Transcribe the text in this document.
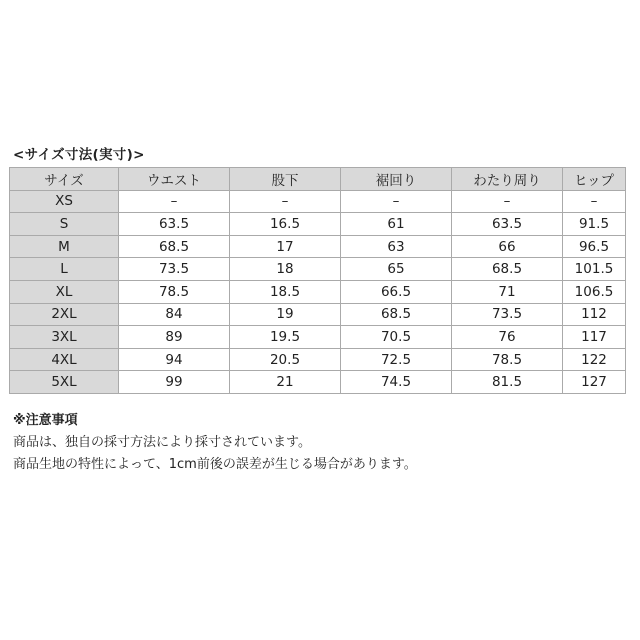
<サイズ寸法(実寸)>
サイズ	ウエスト	股下	裾回り	わたり周り	ヒップ
XS	–	–	–	–	–
S	63.5	16.5	61	63.5	91.5
M	68.5	17	63	66	96.5
L	73.5	18	65	68.5	101.5
XL	78.5	18.5	66.5	71	106.5
2XL	84	19	68.5	73.5	112
3XL	89	19.5	70.5	76	117
4XL	94	20.5	72.5	78.5	122
5XL	99	21	74.5	81.5	127
※注意事項
商品は、独自の採寸方法により採寸されています。
商品生地の特性によって、1cm前後の誤差が生じる場合があります。
